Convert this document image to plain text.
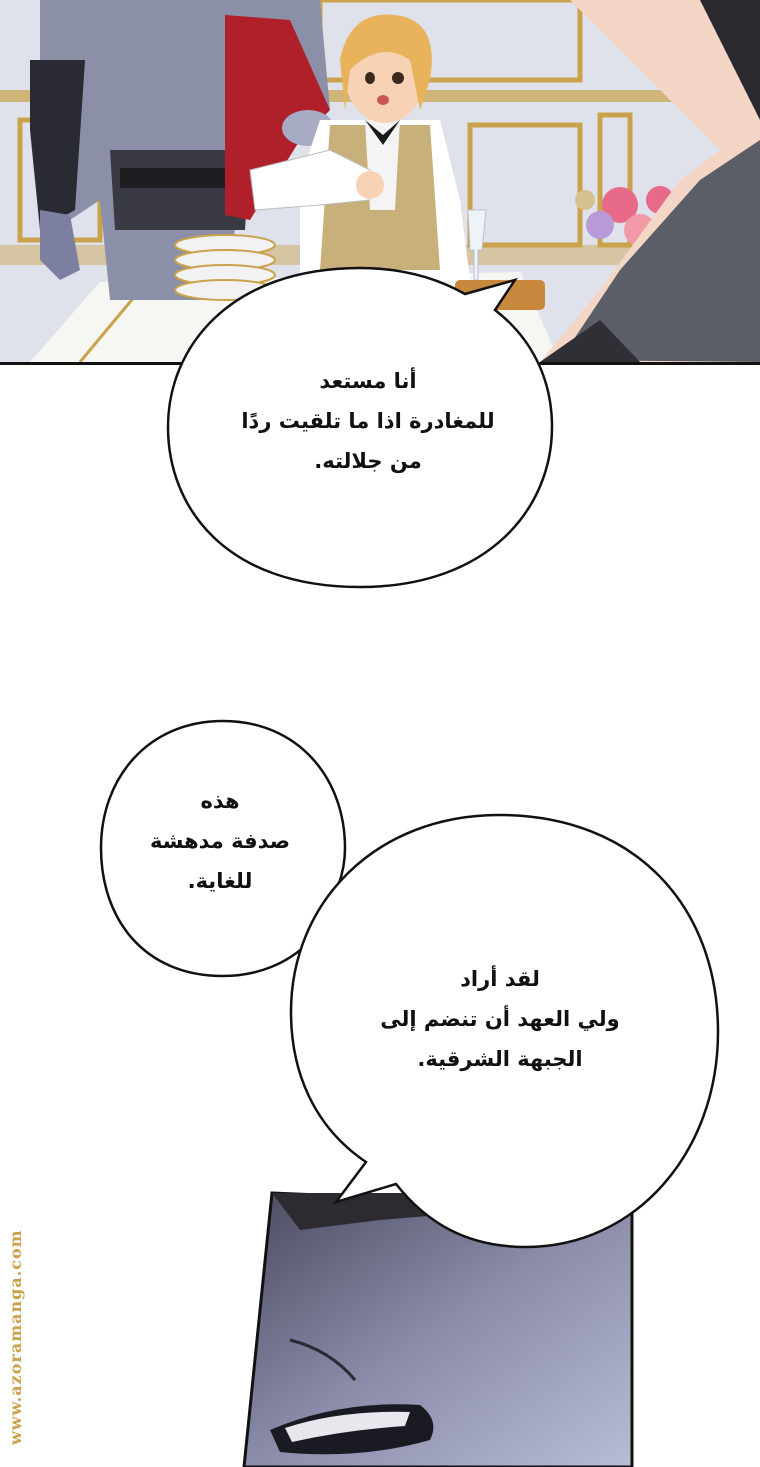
أنا مستعد
للمغادرة اذا ما تلقيت ردًا
من جلالته.
هذه
صدفة مدهشة
للغاية.
لقد أراد
ولي العهد أن تنضم إلى
الجبهة الشرقية.
www.azoramanga.com
